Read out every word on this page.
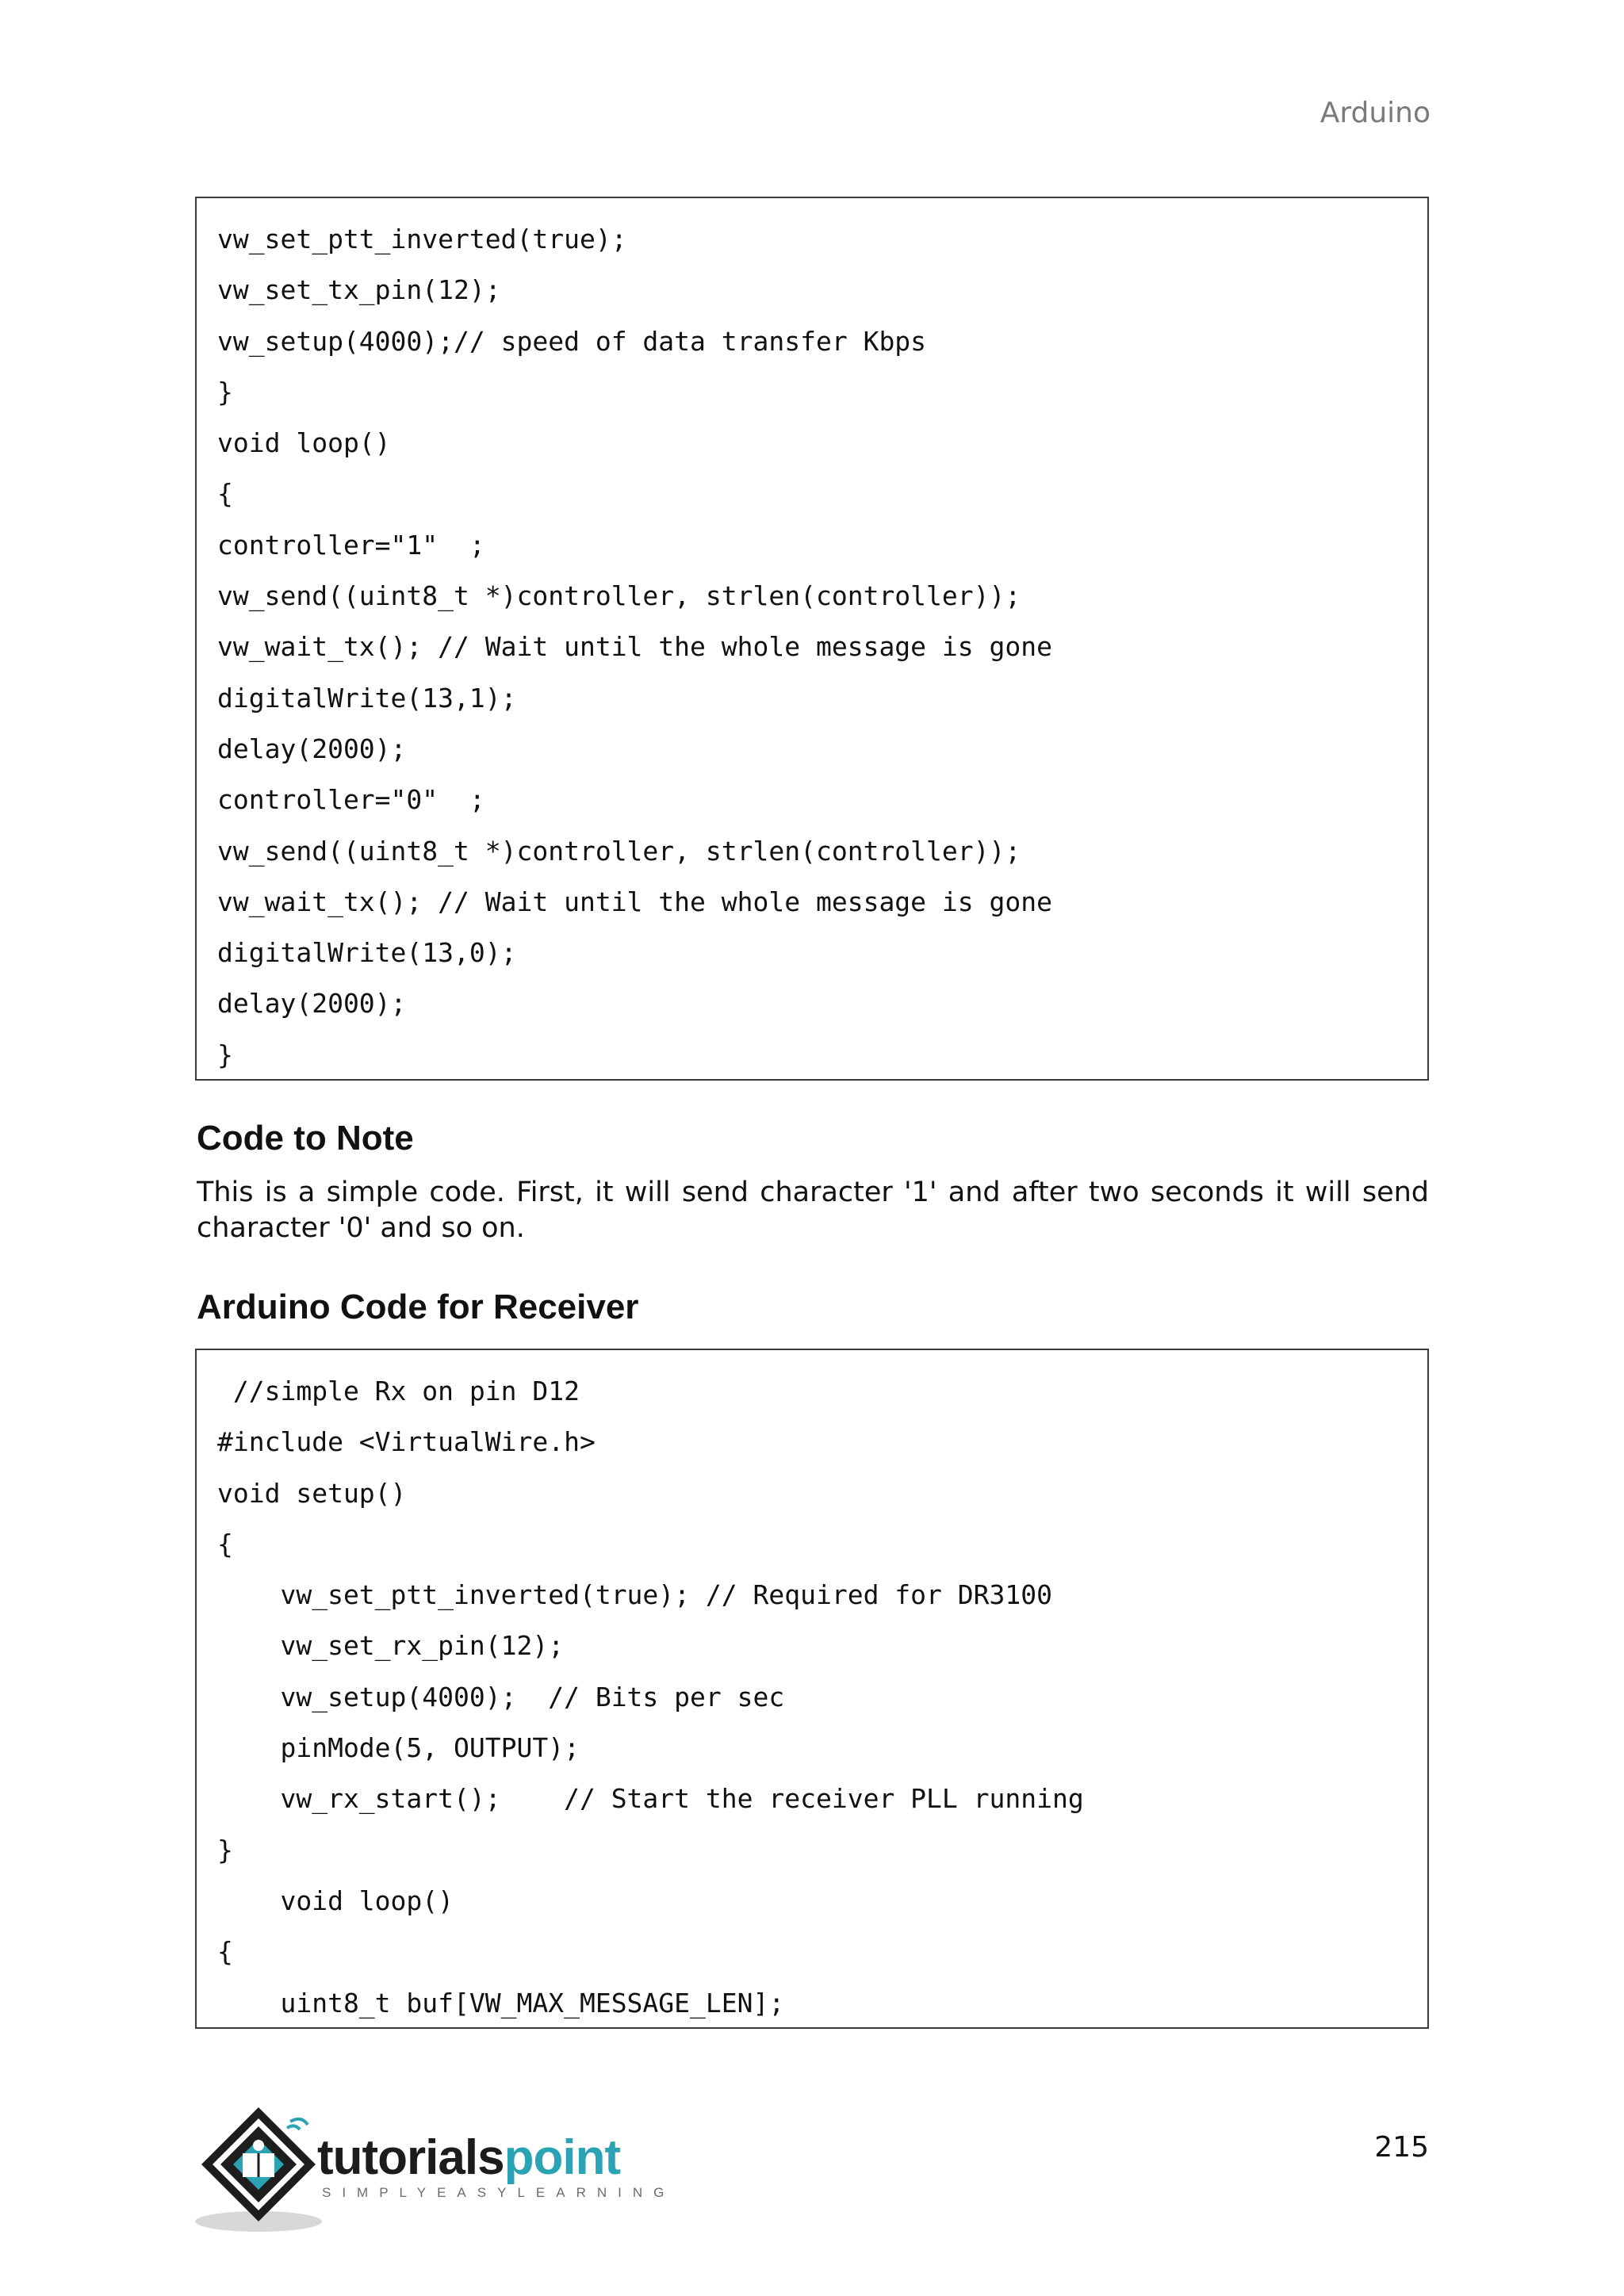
Arduino
vw_set_ptt_inverted(true);
vw_set_tx_pin(12);
vw_setup(4000);// speed of data transfer Kbps
}
void loop()
{
controller="1"  ;
vw_send((uint8_t *)controller, strlen(controller));
vw_wait_tx(); // Wait until the whole message is gone
digitalWrite(13,1);
delay(2000);
controller="0"  ;
vw_send((uint8_t *)controller, strlen(controller));
vw_wait_tx(); // Wait until the whole message is gone
digitalWrite(13,0);
delay(2000);
}
Code to Note
This is a simple code. First, it will send character '1' and after two seconds it will send character '0' and so on.
Arduino Code for Receiver
//simple Rx on pin D12
#include <VirtualWire.h>
void setup()
{
vw_set_ptt_inverted(true); // Required for DR3100
vw_set_rx_pin(12);
vw_setup(4000);  // Bits per sec
pinMode(5, OUTPUT);
vw_rx_start();    // Start the receiver PLL running
}
void loop()
{
uint8_t buf[VW_MAX_MESSAGE_LEN];
tutorialspoint
SIMPLYEASYLEARNING
215
